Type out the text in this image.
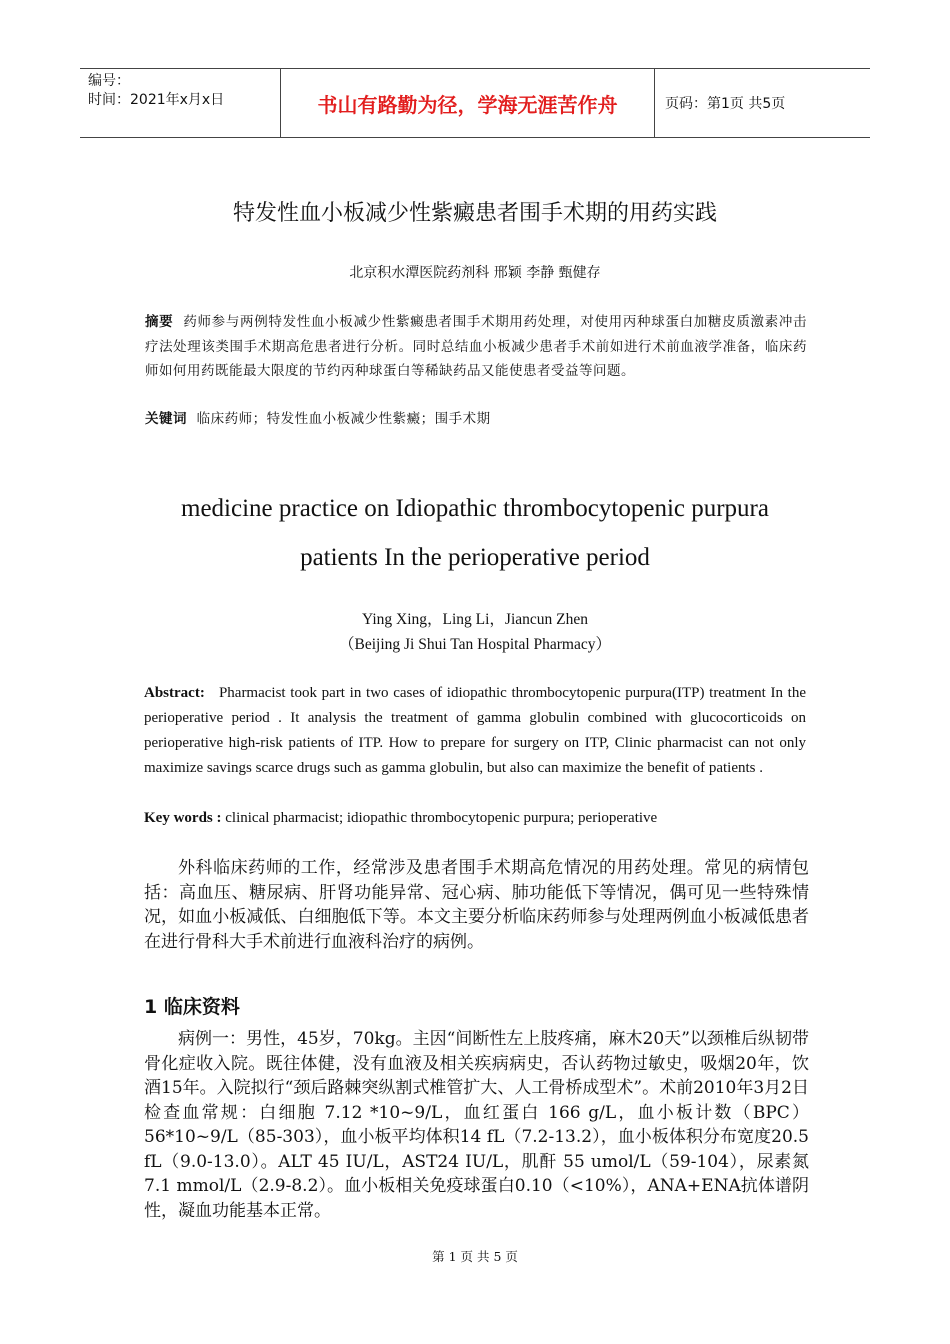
编号：
时间：2021年x月x日	书山有路勤为径，学海无涯苦作舟	页码：第1页 共5页
特发性血小板减少性紫癜患者围手术期的用药实践
北京积水潭医院药剂科 邢颖 李静 甄健存
摘要 药师参与两例特发性血小板减少性紫癜患者围手术期用药处理，对使用丙种球蛋白加糖皮质激素冲击疗法处理该类围手术期高危患者进行分析。同时总结血小板减少患者手术前如进行术前血液学准备，临床药师如何用药既能最大限度的节约丙种球蛋白等稀缺药品又能使患者受益等问题。
关键词 临床药师；特发性血小板减少性紫癜；围手术期
medicine practice on Idiopathic thrombocytopenic purpura
patients In the perioperative period
Ying Xing，Ling Li，Jiancun Zhen
（Beijing Ji Shui Tan Hospital Pharmacy）
Abstract: Pharmacist took part in two cases of idiopathic thrombocytopenic purpura(ITP) treatment In the perioperative period . It analysis the treatment of gamma globulin combined with glucocorticoids on perioperative high-risk patients of ITP. How to prepare for surgery on ITP, Clinic pharmacist can not only maximize savings scarce drugs such as gamma globulin, but also can maximize the benefit of patients .
Key words : clinical pharmacist; idiopathic thrombocytopenic purpura; perioperative
外科临床药师的工作，经常涉及患者围手术期高危情况的用药处理。常见的病情包括：高血压、糖尿病、肝肾功能异常、冠心病、肺功能低下等情况，偶可见一些特殊情况，如血小板减低、白细胞低下等。本文主要分析临床药师参与处理两例血小板减低患者在进行骨科大手术前进行血液科治疗的病例。
1 临床资料
病例一：男性，45岁，70kg。主因“间断性左上肢疼痛，麻木20天”以颈椎后纵韧带骨化症收入院。既往体健，没有血液及相关疾病病史，否认药物过敏史，吸烟20年，饮酒15年。入院拟行“颈后路棘突纵割式椎管扩大、人工骨桥成型术”。术前2010年3月2日检查血常规：白细胞 7.12 *10~9/L，血红蛋白 166 g/L，血小板计数（BPC）56*10~9/L（85-303），血小板平均体积14 fL（7.2-13.2），血小板体积分布宽度20.5 fL（9.0-13.0）。ALT 45 IU/L，AST24 IU/L，肌酐 55 umol/L（59-104），尿素氮7.1 mmol/L（2.9-8.2）。血小板相关免疫球蛋白0.10（<10%），ANA+ENA抗体谱阴性，凝血功能基本正常。
第 1 页 共 5 页
